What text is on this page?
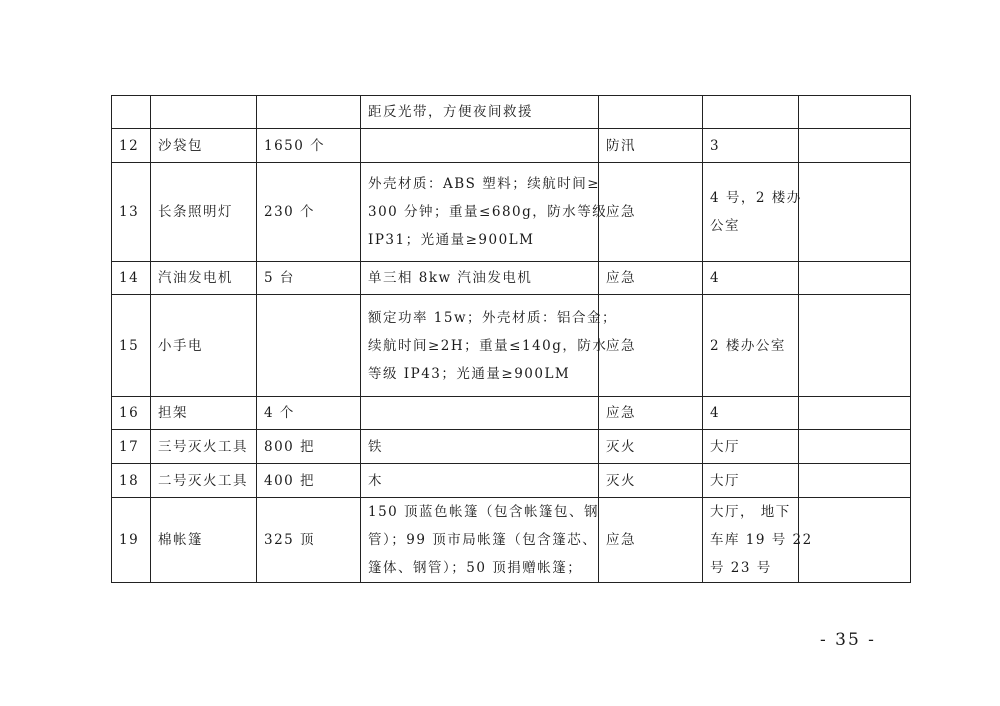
			距反光带，方便夜间救援			

12	沙袋包	1650 个		防汛	3	

13	长条照明灯	230 个	外壳材质：ABS 塑料；续航时间≥
300 分钟；重量≤680g，防水等级
IP31；光通量≥900LM	应急	4 号，2 楼办
公室	

14	汽油发电机	5 台	单三相 8kw 汽油发电机	应急	4	

15	小手电		额定功率 15w；外壳材质：铝合金；
续航时间≥2H；重量≤140g，防水
等级 IP43；光通量≥900LM	应急	2 楼办公室	

16	担架	4 个		应急	4	

17	三号灭火工具	800 把	铁	灭火	大厅	

18	二号灭火工具	400 把	木	灭火	大厅	

19	棉帐篷	325 顶	150 顶蓝色帐篷（包含帐篷包、钢
管）；99 顶市局帐篷（包含篷芯、
篷体、钢管）；50 顶捐赠帐篷；	应急	大厅， 地下
车库 19 号 22
号 23 号	

- 35 -
